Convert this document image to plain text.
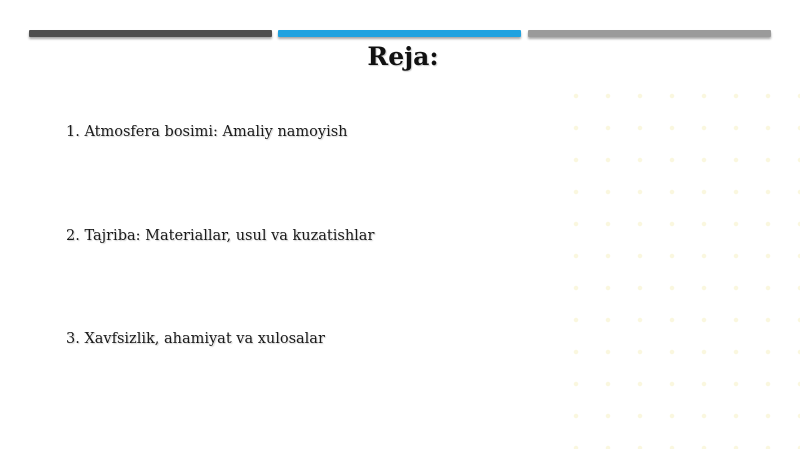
Reja:
1. Atmosfera bosimi: Amaliy namoyish
2. Tajriba: Materiallar, usul va kuzatishlar
3. Xavfsizlik, ahamiyat va xulosalar
